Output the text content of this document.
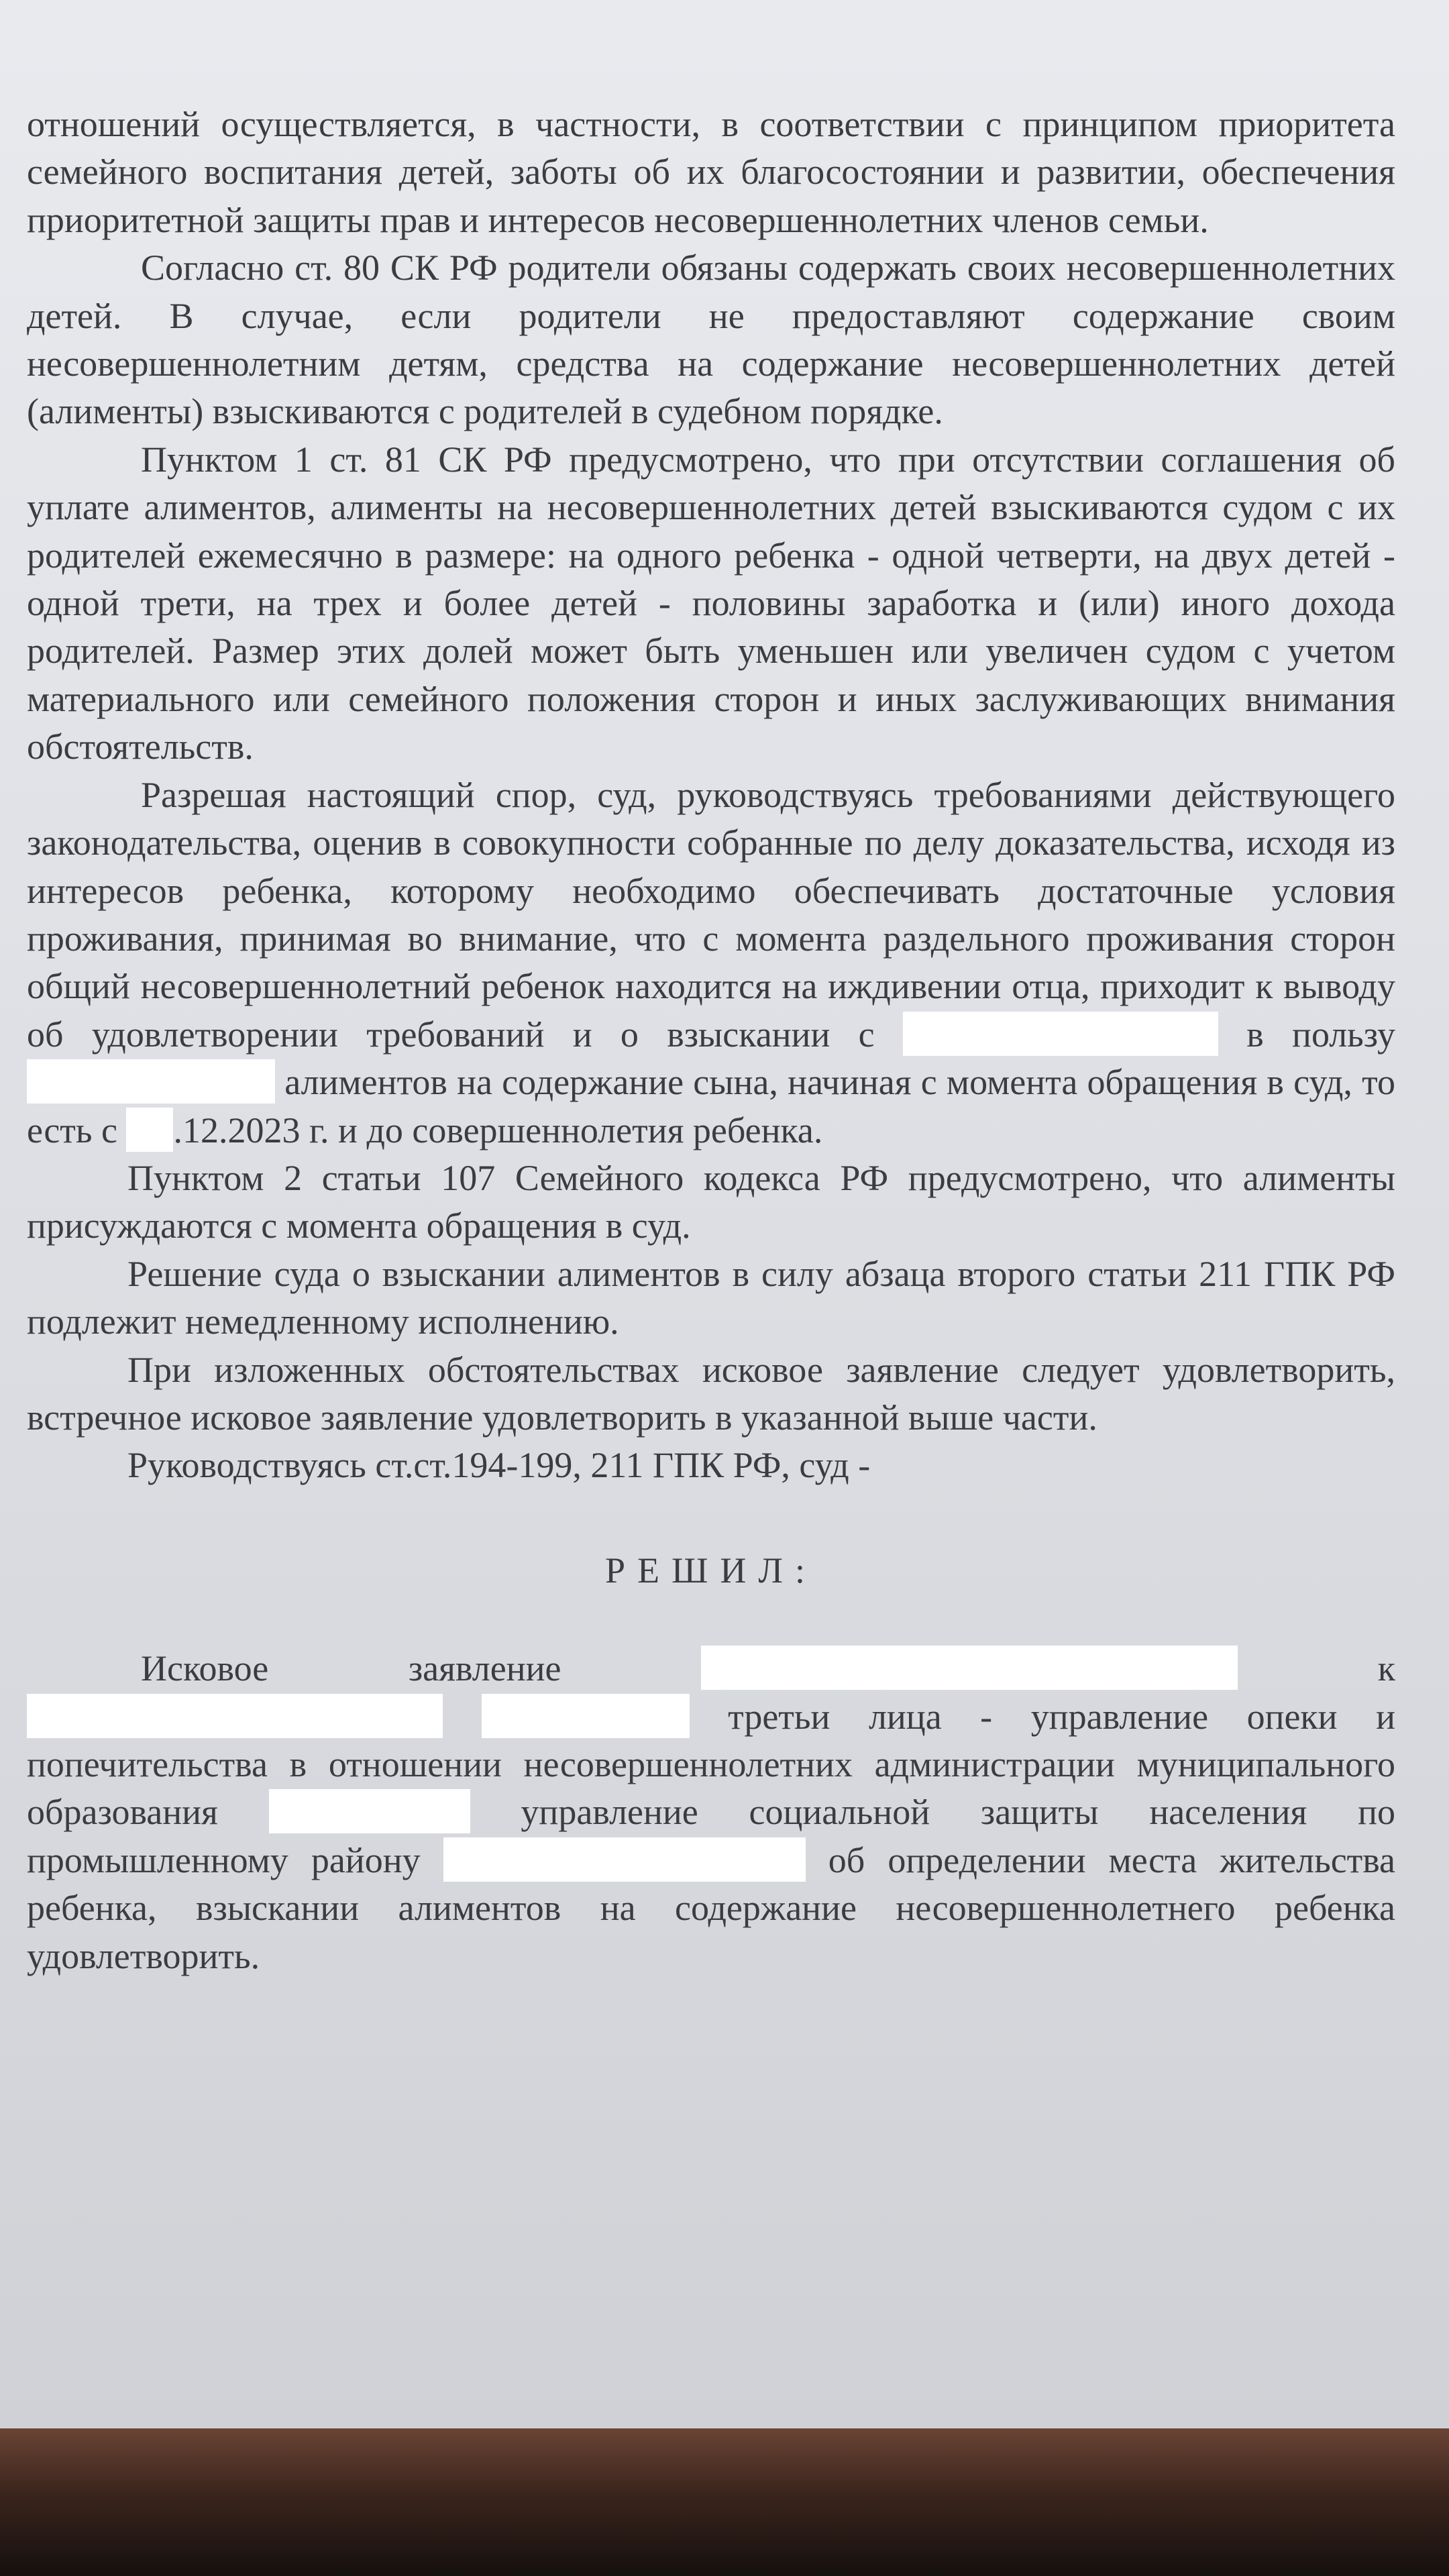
отношений осуществляется, в частности, в соответствии с принципом приоритета семейного воспитания детей, заботы об их благосостоянии и развитии, обеспечения приоритетной защиты прав и интересов несовершеннолетних членов семьи.

Согласно ст. 80 СК РФ родители обязаны содержать своих несовершеннолетних детей. В случае, если родители не предоставляют содержание своим несовершеннолетним детям, средства на содержание несовершеннолетних детей (алименты) взыскиваются с родителей в судебном порядке.

Пунктом 1 ст. 81 СК РФ предусмотрено, что при отсутствии соглашения об уплате алиментов, алименты на несовершеннолетних детей взыскиваются судом с их родителей ежемесячно в размере: на одного ребенка - одной четверти, на двух детей - одной трети, на трех и более детей - половины заработка и (или) иного дохода родителей. Размер этих долей может быть уменьшен или увеличен судом с учетом материального или семейного положения сторон и иных заслуживающих внимания обстоятельств.

Разрешая настоящий спор, суд, руководствуясь требованиями действующего законодательства, оценив в совокупности собранные по делу доказательства, исходя из интересов ребенка, которому необходимо обеспечивать достаточные условия проживания, принимая во внимание, что с момента раздельного проживания сторон общий несовершеннолетний ребенок находится на иждивении отца, приходит к выводу об удовлетворении требований и о взыскании с	в пользу  алиментов на содержание сына, начиная с момента обращения в суд, то есть с .12.2023 г. и до совершеннолетия ребенка.

Пунктом 2 статьи 107 Семейного кодекса РФ предусмотрено, что алименты присуждаются с момента обращения в суд.

Решение суда о взыскании алиментов в силу абзаца второго статьи 211 ГПК РФ подлежит немедленному исполнению.

При изложенных обстоятельствах исковое заявление следует удовлетворить, встречное исковое заявление удовлетворить в указанной выше части.

Руководствуясь ст.ст.194-199, 211 ГПК РФ, суд -

РЕШИЛ:

Исковое заявление	к   третьи лица - управление опеки и попечительства в отношении несовершеннолетних администрации муниципального образования	управление социальной защиты населения по промышленному району	об определении места жительства ребенка, взыскании алиментов на содержание несовершеннолетнего ребенка удовлетворить.
